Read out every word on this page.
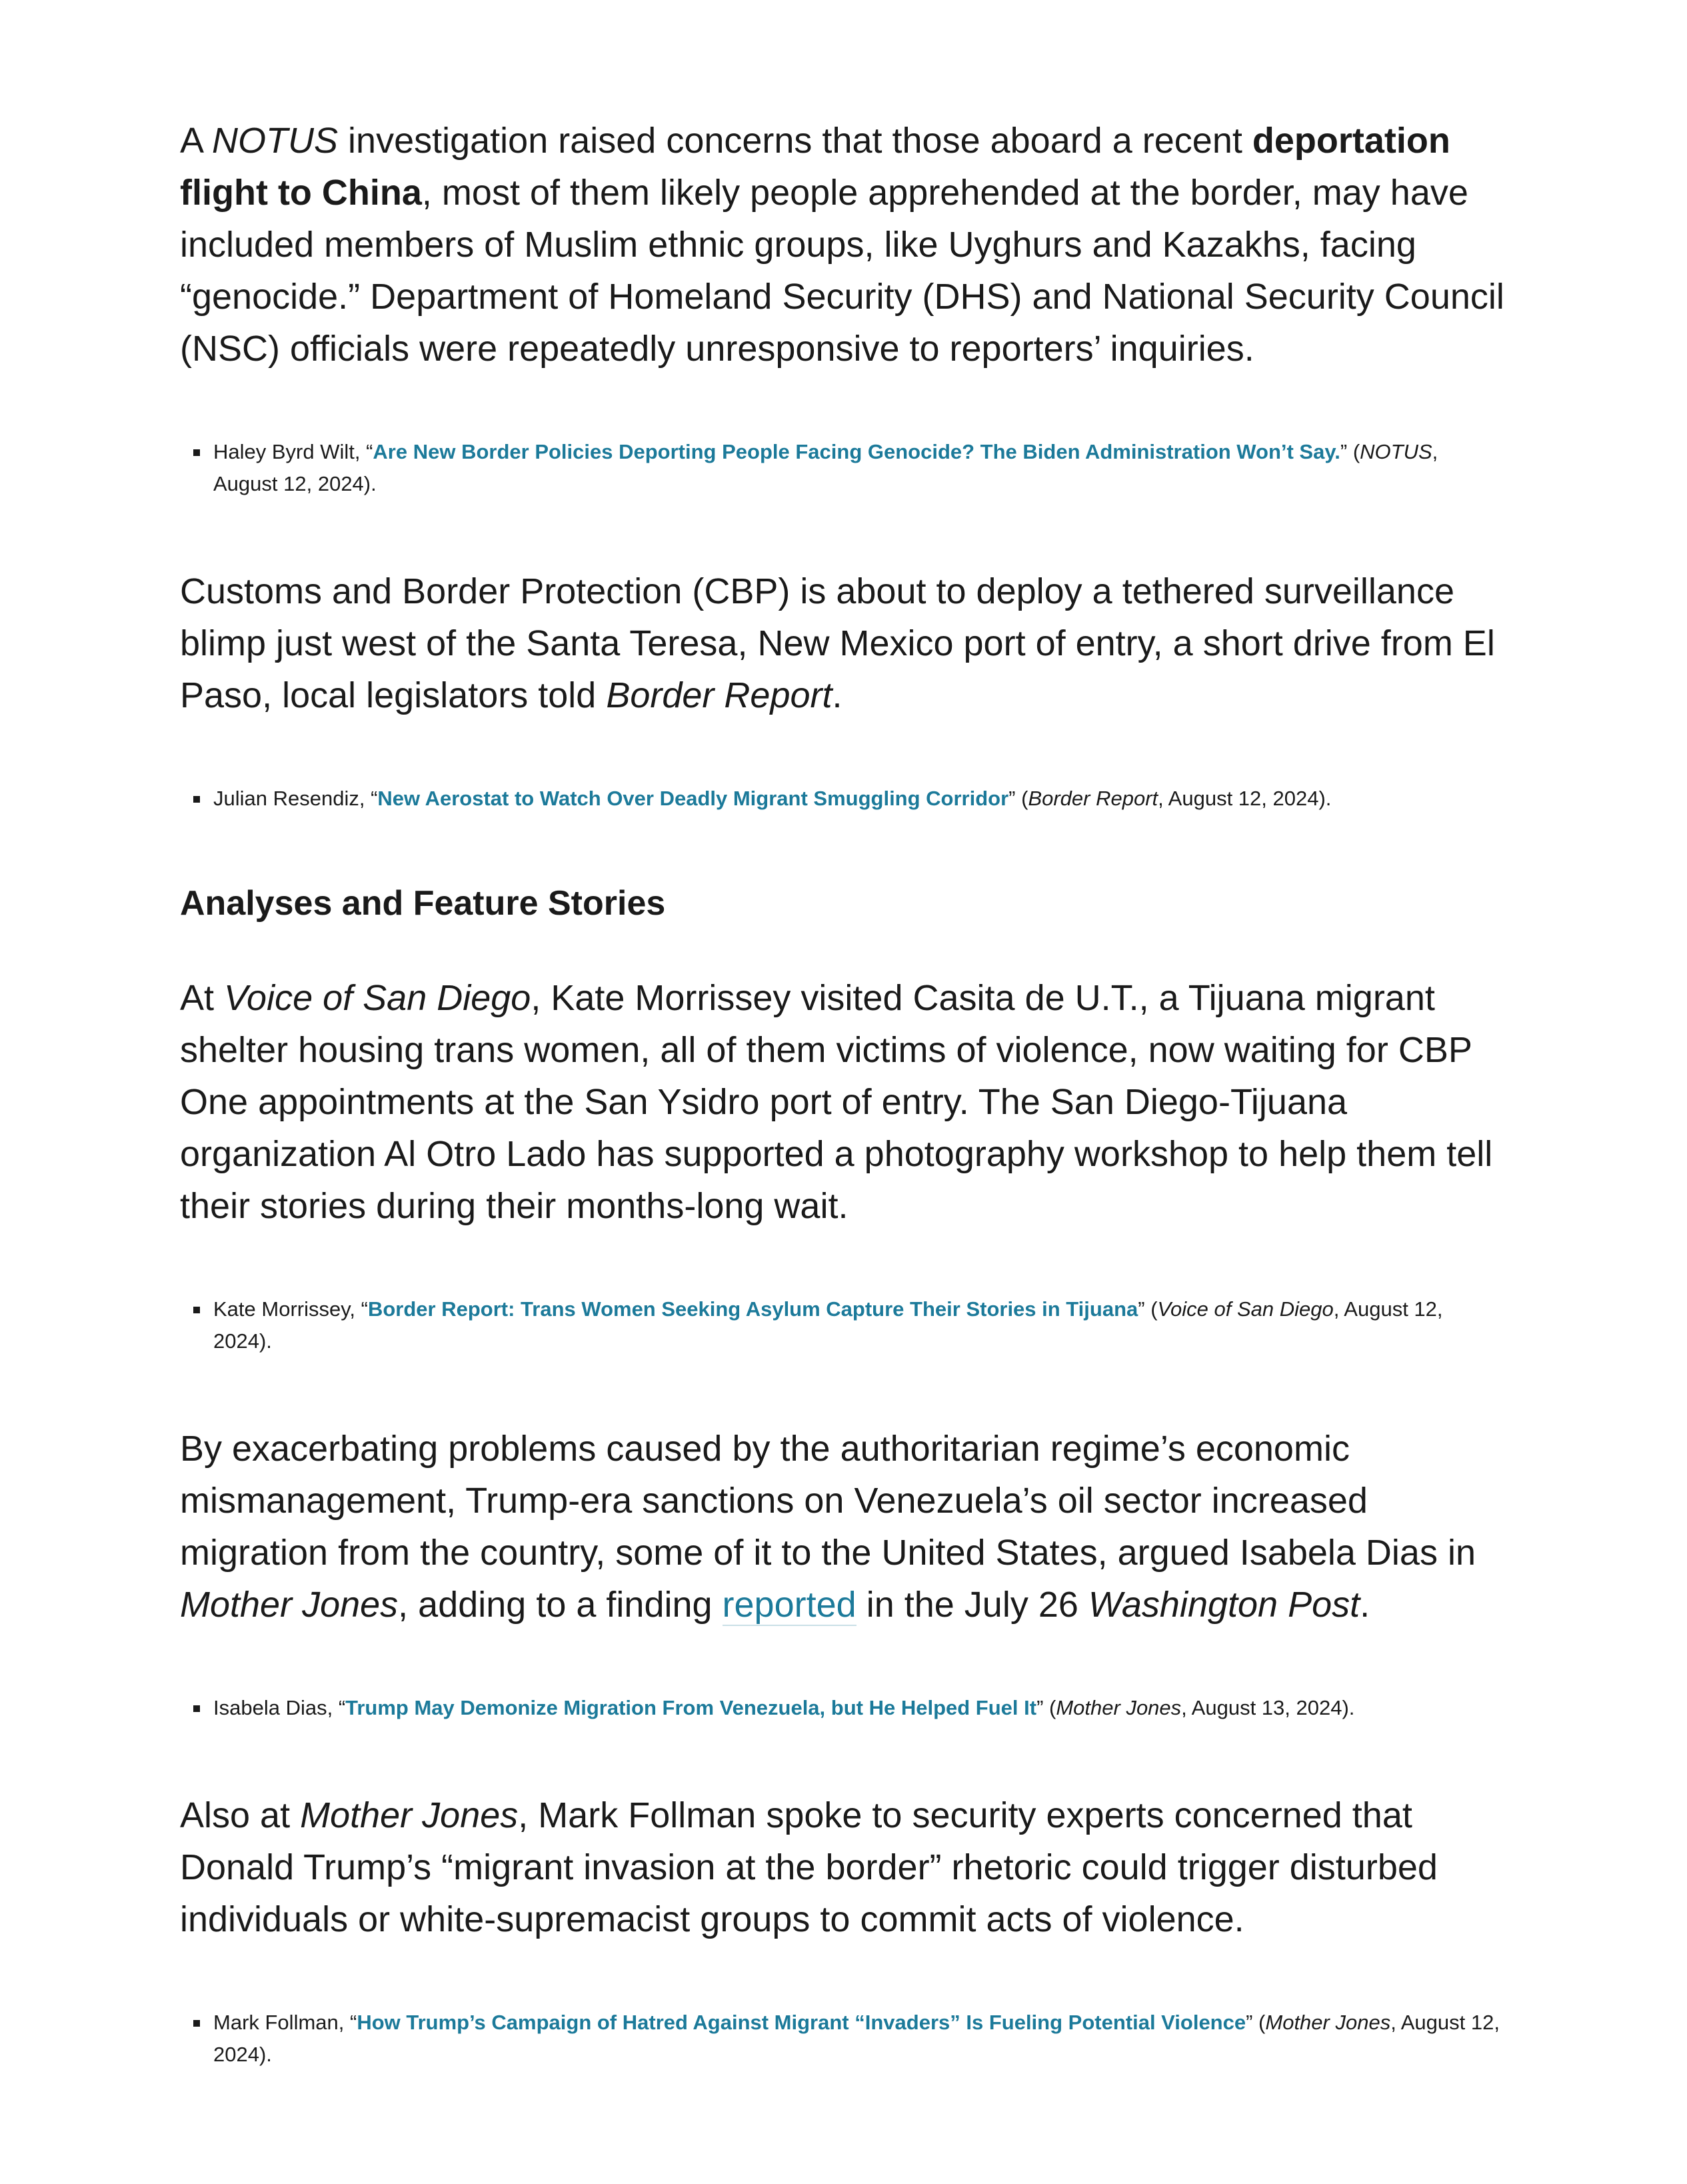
A NOTUS investigation raised concerns that those aboard a recent deportation flight to China, most of them likely people apprehended at the border, may have included members of Muslim ethnic groups, like Uyghurs and Kazakhs, facing “genocide.” Department of Homeland Security (DHS) and National Security Council (NSC) officials were repeatedly unresponsive to reporters’ inquiries.

Haley Byrd Wilt, “Are New Border Policies Deporting People Facing Genocide? The Biden Administration Won’t Say.” (NOTUS, August 12, 2024).

Customs and Border Protection (CBP) is about to deploy a tethered surveillance blimp just west of the Santa Teresa, New Mexico port of entry, a short drive from El Paso, local legislators told Border Report.

Julian Resendiz, “New Aerostat to Watch Over Deadly Migrant Smuggling Corridor” (Border Report, August 12, 2024).
Analyses and Feature Stories

At Voice of San Diego, Kate Morrissey visited Casita de U.T., a Tijuana migrant shelter housing trans women, all of them victims of violence, now waiting for CBP One appointments at the San Ysidro port of entry. The San Diego-Tijuana organization Al Otro Lado has supported a photography workshop to help them tell their stories during their months-long wait.

Kate Morrissey, “Border Report: Trans Women Seeking Asylum Capture Their Stories in Tijuana” (Voice of San Diego, August 12, 2024).

By exacerbating problems caused by the authoritarian regime’s economic mismanagement, Trump-era sanctions on Venezuela’s oil sector increased migration from the country, some of it to the United States, argued Isabela Dias in Mother Jones, adding to a finding reported in the July 26 Washington Post.

Isabela Dias, “Trump May Demonize Migration From Venezuela, but He Helped Fuel It” (Mother Jones, August 13, 2024).

Also at Mother Jones, Mark Follman spoke to security experts concerned that Donald Trump’s “migrant invasion at the border” rhetoric could trigger disturbed individuals or white-supremacist groups to commit acts of violence.

Mark Follman, “How Trump’s Campaign of Hatred Against Migrant “Invaders” Is Fueling Potential Violence” (Mother Jones, August 12, 2024).
